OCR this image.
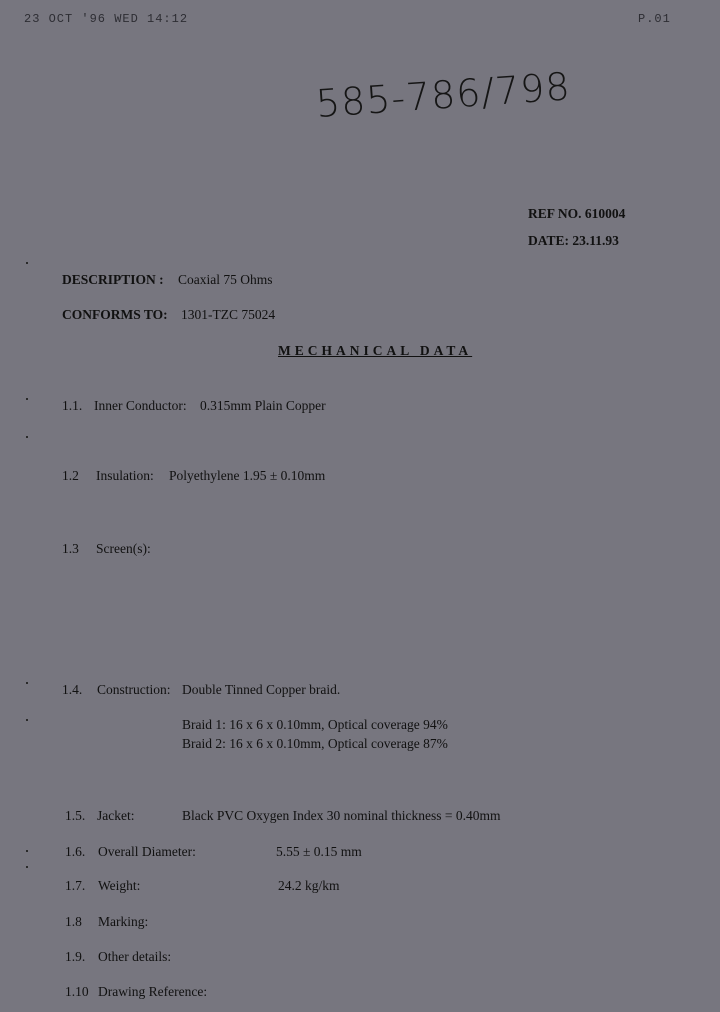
23 OCT '96 WED 14:12	P.01
585-786/798
REF NO. 610004
DATE: 23.11.93
DESCRIPTION : Coaxial 75 Ohms
CONFORMS TO: 1301-TZC 75024
MECHANICAL DATA
1.1. Inner Conductor: 0.315mm Plain Copper
1.2 Insulation: Polyethylene 1.95 ± 0.10mm
1.3 Screen(s):
1.4. Construction: Double Tinned Copper braid.
Braid 1: 16 x 6 x 0.10mm, Optical coverage 94%
Braid 2: 16 x 6 x 0.10mm, Optical coverage 87%
1.5. Jacket:	Black PVC Oxygen Index 30 nominal thickness = 0.40mm
1.6. Overall Diameter:	5.55 ± 0.15 mm
1.7. Weight:	24.2 kg/km
1.8 Marking:
1.9. Other details:
1.10 Drawing Reference:
